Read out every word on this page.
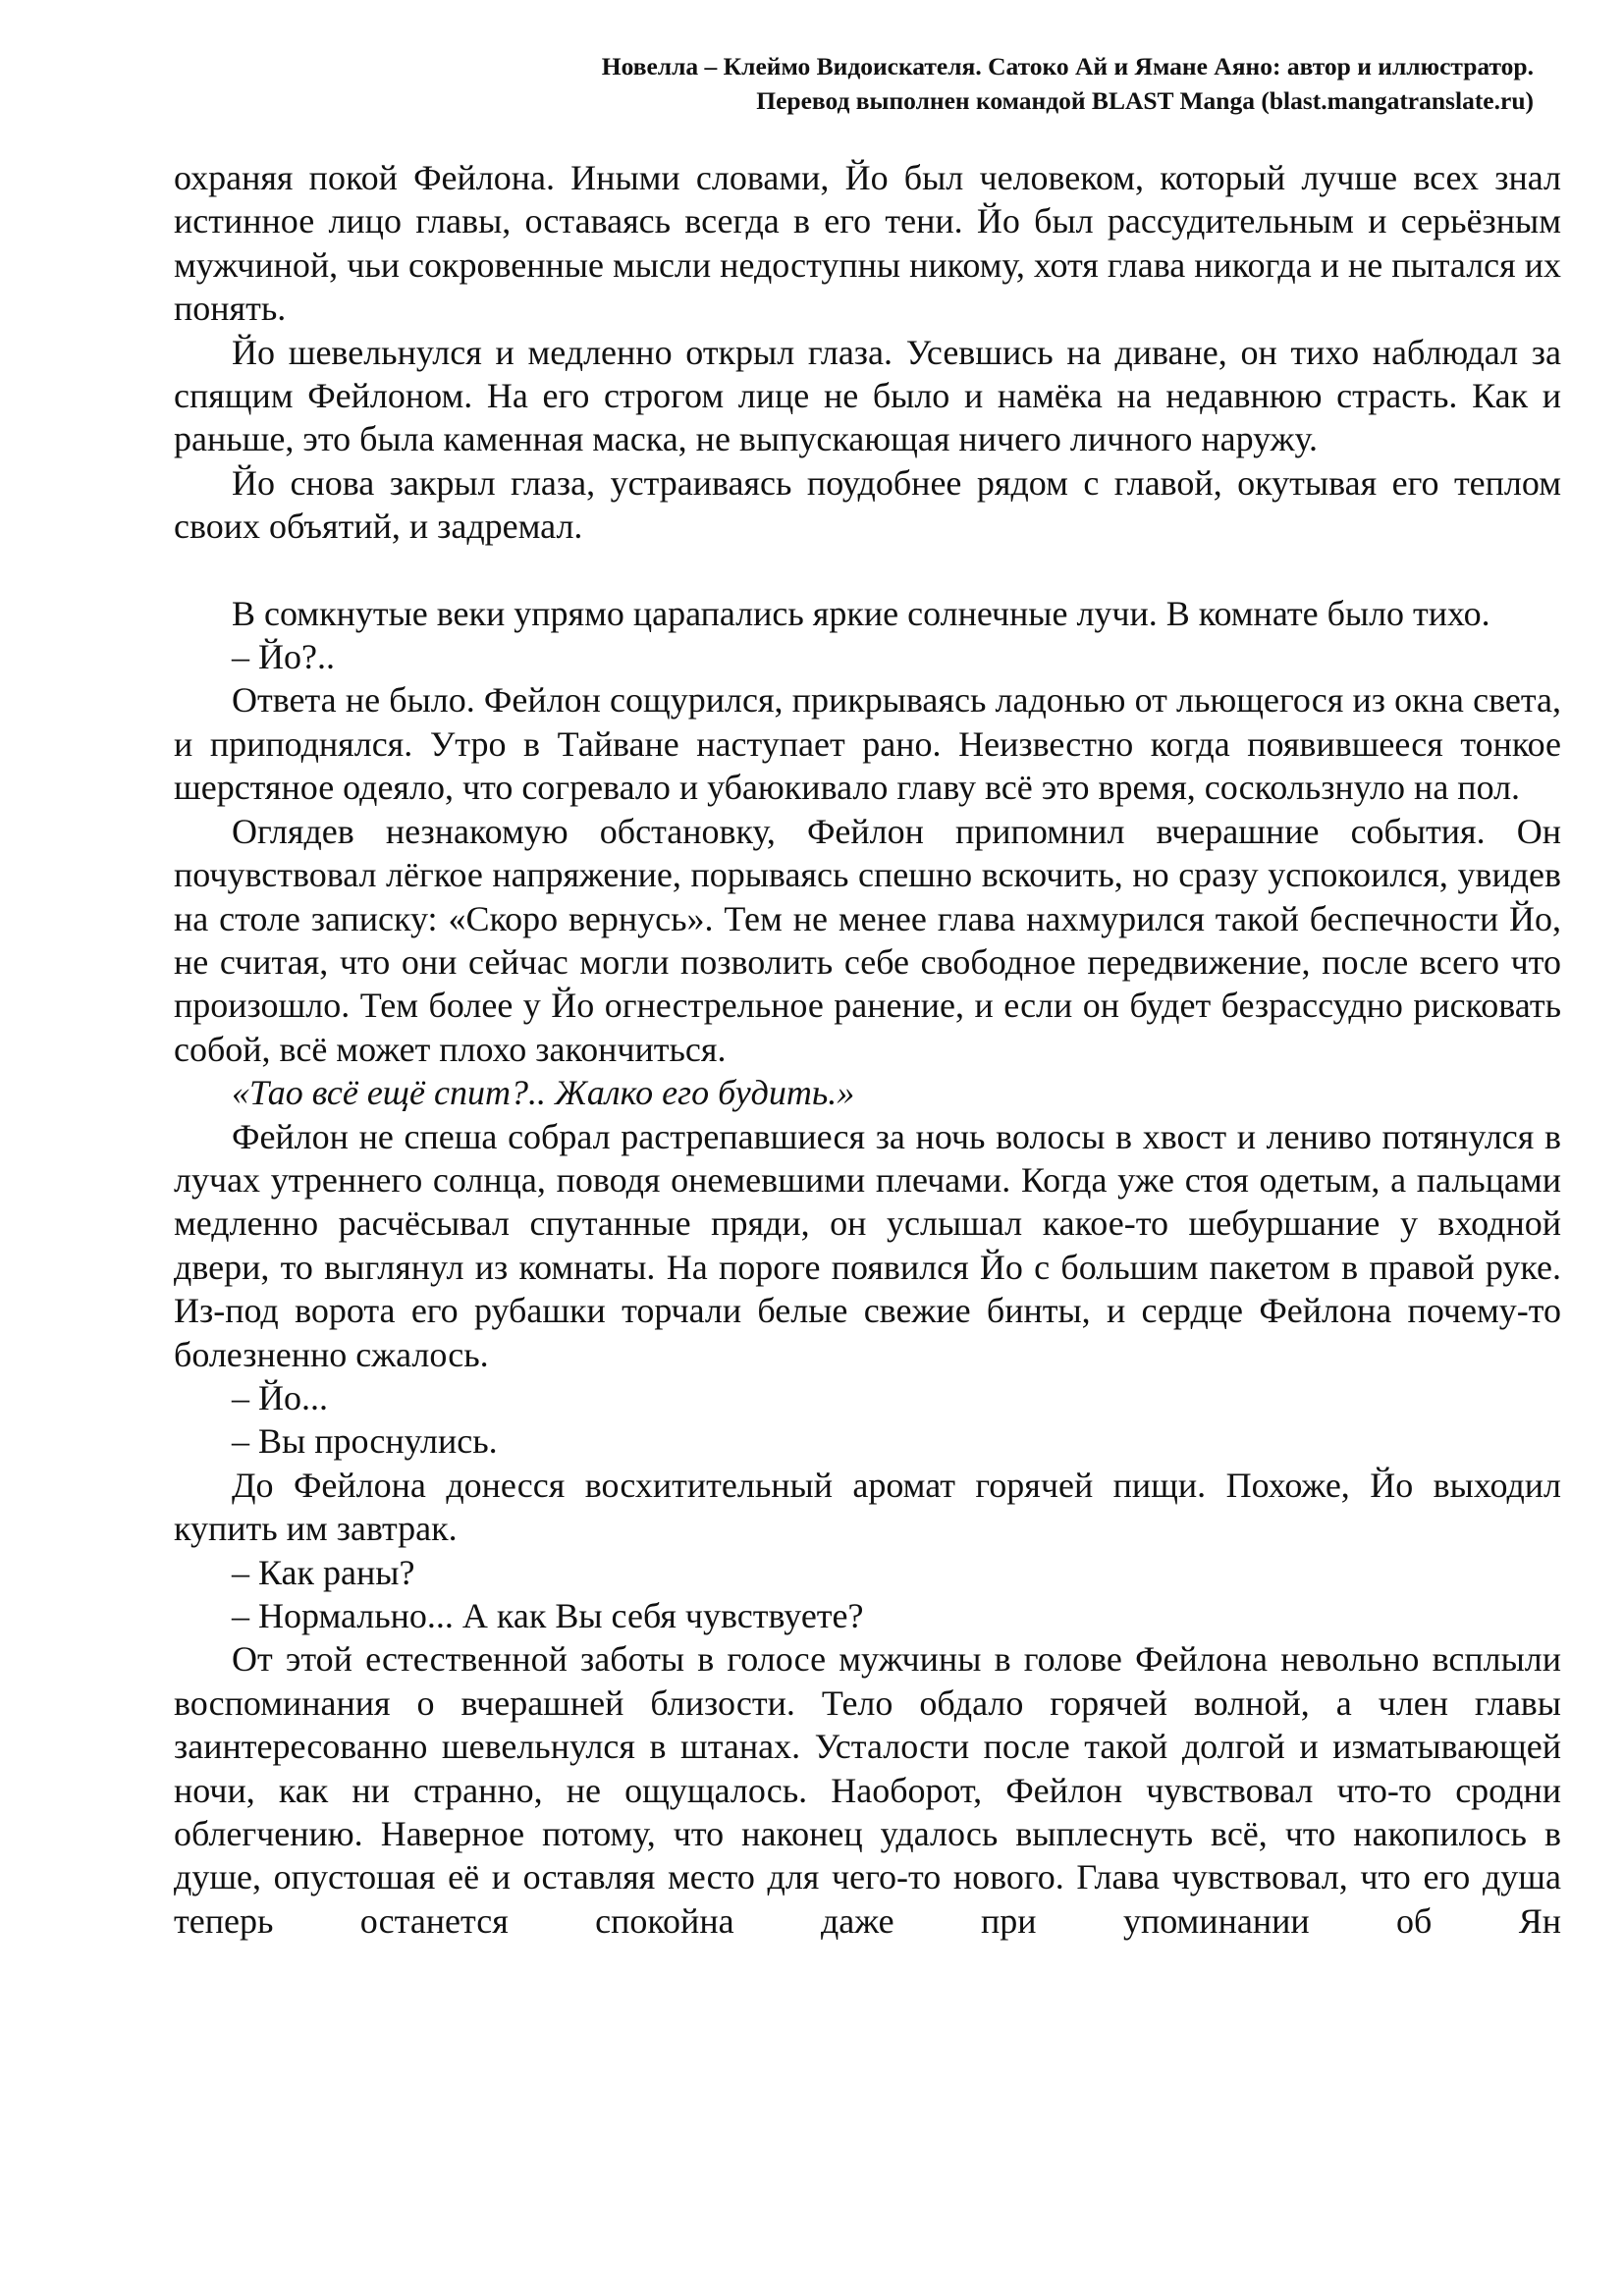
Новелла – Клеймо Видоискателя. Сатоко Ай и Ямане Аяно: автор и иллюстратор.
Перевод выполнен командой BLAST Manga (blast.mangatranslate.ru)

охраняя покой Фейлона. Иными словами, Йо был человеком, который лучше всех знал истинное лицо главы, оставаясь всегда в его тени. Йо был рассудительным и серьёзным мужчиной, чьи сокровенные мысли недоступны никому, хотя глава никогда и не пытался их понять.

Йо шевельнулся и медленно открыл глаза. Усевшись на диване, он тихо наблюдал за спящим Фейлоном. На его строгом лице не было и намёка на недавнюю страсть. Как и раньше, это была каменная маска, не выпускающая ничего личного наружу.

Йо снова закрыл глаза, устраиваясь поудобнее рядом с главой, окутывая его теплом своих объятий, и задремал.

В сомкнутые веки упрямо царапались яркие солнечные лучи. В комнате было тихо.

– Йо?..

Ответа не было. Фейлон сощурился, прикрываясь ладонью от льющегося из окна света, и приподнялся. Утро в Тайване наступает рано. Неизвестно когда появившееся тонкое шерстяное одеяло, что согревало и убаюкивало главу всё это время, соскользнуло на пол.

Оглядев незнакомую обстановку, Фейлон припомнил вчерашние события. Он почувствовал лёгкое напряжение, порываясь спешно вскочить, но сразу успокоился, увидев на столе записку: «Скоро вернусь». Тем не менее глава нахмурился такой беспечности Йо, не считая, что они сейчас могли позволить себе свободное передвижение, после всего что произошло. Тем более у Йо огнестрельное ранение, и если он будет безрассудно рисковать собой, всё может плохо закончиться.

«Тао всё ещё спит?.. Жалко его будить.»

Фейлон не спеша собрал растрепавшиеся за ночь волосы в хвост и лениво потянулся в лучах утреннего солнца, поводя онемевшими плечами. Когда уже стоя одетым, а пальцами медленно расчёсывал спутанные пряди, он услышал какое-то шебуршание у входной двери, то выглянул из комнаты. На пороге появился Йо с большим пакетом в правой руке. Из-под ворота его рубашки торчали белые свежие бинты, и сердце Фейлона почему-то болезненно сжалось.

– Йо...

– Вы проснулись.

До Фейлона донесся восхитительный аромат горячей пищи. Похоже, Йо выходил купить им завтрак.

– Как раны?

– Нормально... А как Вы себя чувствуете?

От этой естественной заботы в голосе мужчины в голове Фейлона невольно всплыли воспоминания о вчерашней близости. Тело обдало горячей волной, а член главы заинтересованно шевельнулся в штанах. Усталости после такой долгой и изматывающей ночи, как ни странно, не ощущалось. Наоборот, Фейлон чувствовал что-то сродни облегчению. Наверное потому, что наконец удалось выплеснуть всё, что накопилось в душе, опустошая её и оставляя место для чего-то нового. Глава чувствовал, что его душа теперь останется спокойна даже при упоминании об Ян
